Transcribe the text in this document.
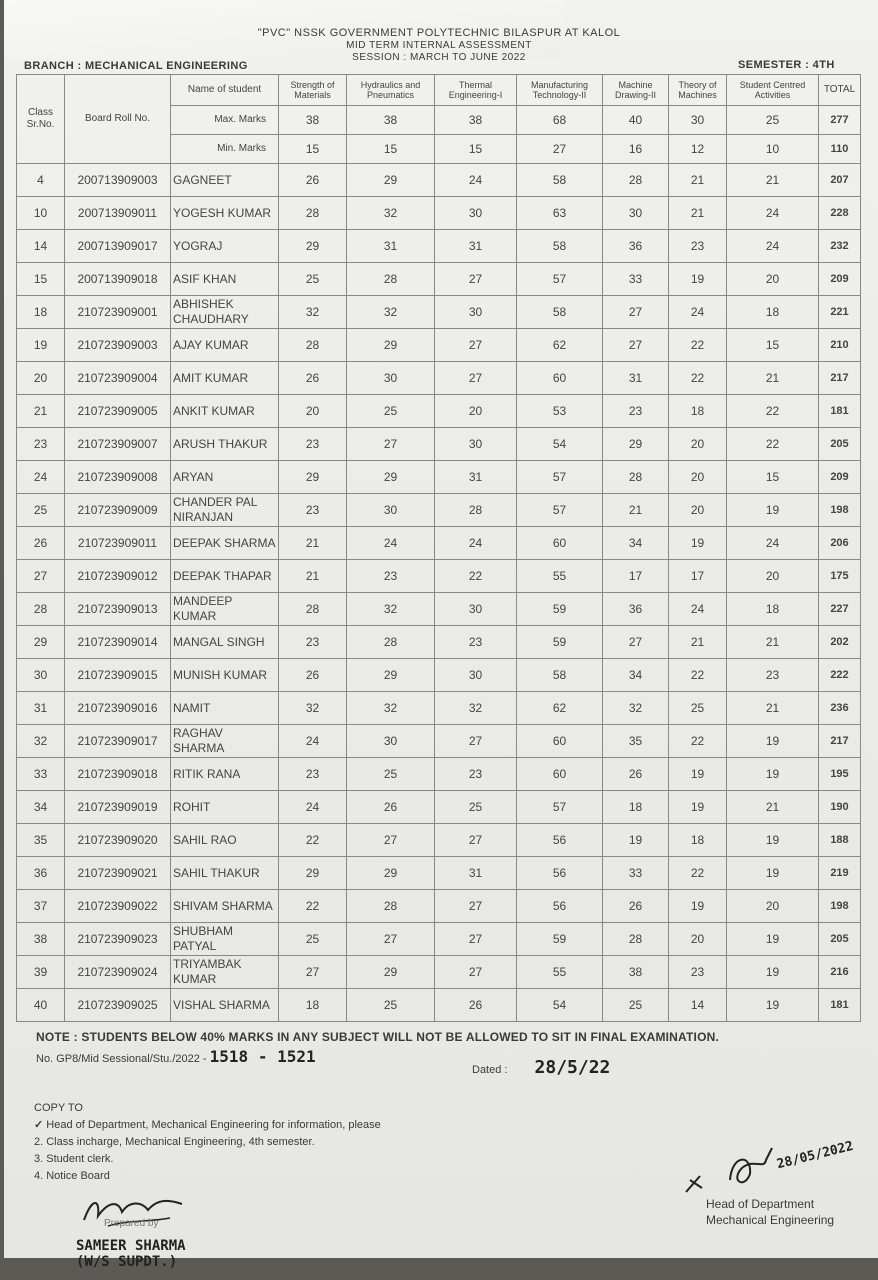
"PVC" NSSK GOVERNMENT POLYTECHNIC BILASPUR AT KALOL
MID TERM INTERNAL ASSESSMENT
SESSION : MARCH TO JUNE 2022
BRANCH : MECHANICAL ENGINEERING	SEMESTER : 4TH
Class Sr.No.	Board Roll No.	Name of student	Strength of Materials	Hydraulics and Pneumatics	Thermal Engineering-I	Manufacturing Technology-II	Machine Drawing-II	Theory of Machines	Student Centred Activities	TOTAL
		Max. Marks	38	38	38	68	40	30	25	277
		Min. Marks	15	15	15	27	16	12	10	110
4	200713909003	GAGNEET	26	29	24	58	28	21	21	207
10	200713909011	YOGESH KUMAR	28	32	30	63	30	21	24	228
14	200713909017	YOGRAJ	29	31	31	58	36	23	24	232
15	200713909018	ASIF KHAN	25	28	27	57	33	19	20	209
18	210723909001	ABHISHEK CHAUDHARY	32	32	30	58	27	24	18	221
19	210723909003	AJAY KUMAR	28	29	27	62	27	22	15	210
20	210723909004	AMIT KUMAR	26	30	27	60	31	22	21	217
21	210723909005	ANKIT KUMAR	20	25	20	53	23	18	22	181
23	210723909007	ARUSH THAKUR	23	27	30	54	29	20	22	205
24	210723909008	ARYAN	29	29	31	57	28	20	15	209
25	210723909009	CHANDER PAL NIRANJAN	23	30	28	57	21	20	19	198
26	210723909011	DEEPAK SHARMA	21	24	24	60	34	19	24	206
27	210723909012	DEEPAK THAPAR	21	23	22	55	17	17	20	175
28	210723909013	MANDEEP KUMAR	28	32	30	59	36	24	18	227
29	210723909014	MANGAL SINGH	23	28	23	59	27	21	21	202
30	210723909015	MUNISH KUMAR	26	29	30	58	34	22	23	222
31	210723909016	NAMIT	32	32	32	62	32	25	21	236
32	210723909017	RAGHAV SHARMA	24	30	27	60	35	22	19	217
33	210723909018	RITIK RANA	23	25	23	60	26	19	19	195
34	210723909019	ROHIT	24	26	25	57	18	19	21	190
35	210723909020	SAHIL RAO	22	27	27	56	19	18	19	188
36	210723909021	SAHIL THAKUR	29	29	31	56	33	22	19	219
37	210723909022	SHIVAM SHARMA	22	28	27	56	26	19	20	198
38	210723909023	SHUBHAM PATYAL	25	27	27	59	28	20	19	205
39	210723909024	TRIYAMBAK KUMAR	27	29	27	55	38	23	19	216
40	210723909025	VISHAL SHARMA	18	25	26	54	25	14	19	181
NOTE : STUDENTS BELOW 40% MARKS IN ANY SUBJECT WILL NOT BE ALLOWED TO SIT IN FINAL EXAMINATION.
No. GP8/Mid Sessional/Stu./2022 - 1518 - 1521
Dated : 28/5/22
COPY TO
✓ Head of Department, Mechanical Engineering for information, please
2. Class incharge, Mechanical Engineering, 4th semester.
3. Student clerk.
4. Notice Board
Prepared by
SAMEER SHARMA
(W/S SUPDT.)
28/05/2022
Head of Department
Mechanical Engineering
